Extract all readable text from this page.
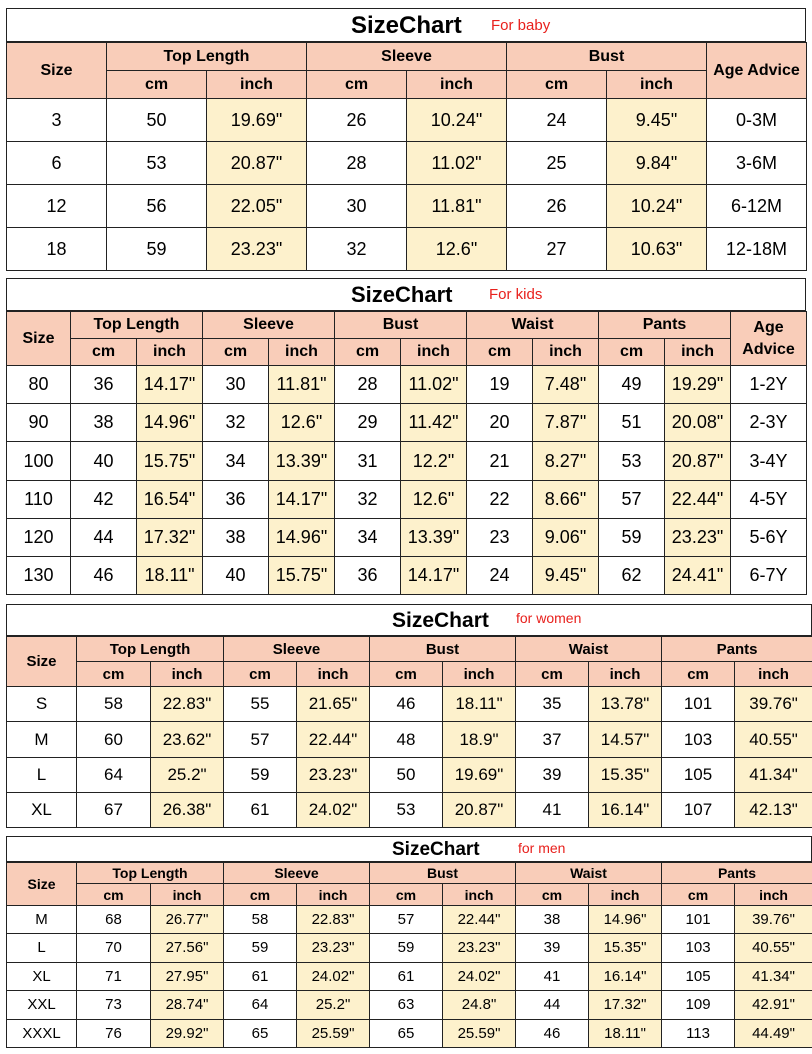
SizeChart For baby
Size	Top Length		Sleeve		Bust		Age Advice
	cm	inch	cm	inch	cm	inch	
3	50	19.69"	26	10.24"	24	9.45"	0-3M
6	53	20.87"	28	11.02"	25	9.84"	3-6M
12	56	22.05"	30	11.81"	26	10.24"	6-12M
18	59	23.23"	32	12.6"	27	10.63"	12-18M
SizeChart For kids
Size	Top Length		Sleeve		Bust		Waist		Pants		Age
Advice

	cm	inch	cm	inch	cm	inch	cm	inch	cm	inch	
80	36	14.17"	30	11.81"	28	11.02"	19	7.48"	49	19.29"	1-2Y
90	38	14.96"	32	12.6"	29	11.42"	20	7.87"	51	20.08"	2-3Y
100	40	15.75"	34	13.39"	31	12.2"	21	8.27"	53	20.87"	3-4Y
110	42	16.54"	36	14.17"	32	12.6"	22	8.66"	57	22.44"	4-5Y
120	44	17.32"	38	14.96"	34	13.39"	23	9.06"	59	23.23"	5-6Y
130	46	18.11"	40	15.75"	36	14.17"	24	9.45"	62	24.41"	6-7Y
SizeChart for women
Size	Top Length		Sleeve		Bust		Waist		Pants	
	cm	inch	cm	inch	cm	inch	cm	inch	cm	inch
S	58	22.83"	55	21.65"	46	18.11"	35	13.78"	101	39.76"
M	60	23.62"	57	22.44"	48	18.9"	37	14.57"	103	40.55"
L	64	25.2"	59	23.23"	50	19.69"	39	15.35"	105	41.34"
XL	67	26.38"	61	24.02"	53	20.87"	41	16.14"	107	42.13"
SizeChart	for men
Size	Top Length		Sleeve		Bust		Waist		Pants	
	cm	inch	cm	inch	cm	inch	cm	inch	cm	inch
M	68	26.77"	58	22.83"	57	22.44"	38	14.96"	101	39.76"
L	70	27.56"	59	23.23"	59	23.23"	39	15.35"	103	40.55"
XL	71	27.95"	61	24.02"	61	24.02"	41	16.14"	105	41.34"
XXL	73	28.74"	64	25.2"	63	24.8"	44	17.32"	109	42.91"
XXXL	76	29.92"	65	25.59"	65	25.59"	46	18.11"	113	44.49"
